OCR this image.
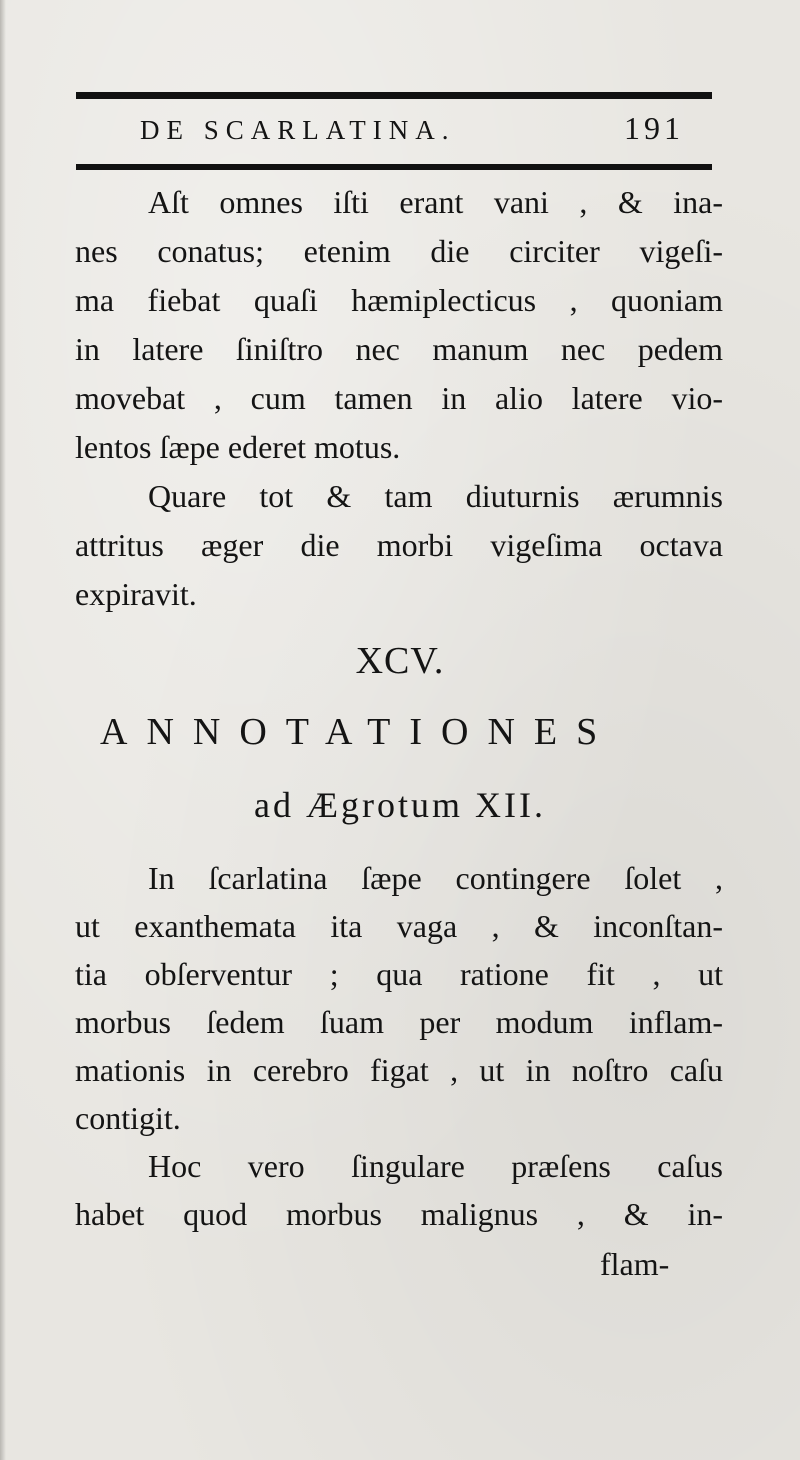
DE SCARLATINA.	191
Aſt omnes iſti erant vani , & ina-
nes conatus; etenim die circiter vigeſi-
ma fiebat quaſi hæmiplecticus , quoniam
in latere ſiniſtro nec manum nec pedem
movebat , cum tamen in alio latere vio-
lentos ſæpe ederet motus.
Quare tot & tam diuturnis ærumnis
attritus æger die morbi vigeſima octava
expiravit.
XCV.
ANNOTATIONES
ad Ægrotum XII.
In ſcarlatina ſæpe contingere ſolet ,
ut exanthemata ita vaga , & inconſtan-
tia obſerventur ; qua ratione fit , ut
morbus ſedem ſuam per modum inflam-
mationis in cerebro figat , ut in noſtro caſu
contigit.
Hoc vero ſingulare præſens caſus
habet quod morbus malignus , & in-
flam-
